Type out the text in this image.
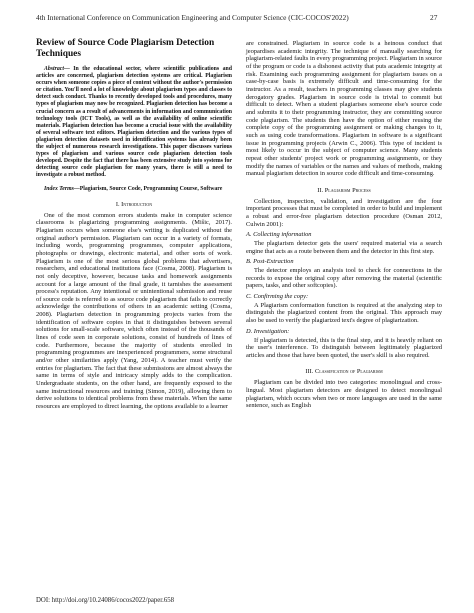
4th International Conference on Communication Engineering and Computer Science (CIC-COCOS'2022)	27
Review of Source Code Plagiarism Detection Techniques

Abstract— In the educational sector, where scientific publications and articles are concerned, plagiarism detection systems are critical. Plagiarism occurs when someone copies a piece of content without the author's permission or citation. You'll need a lot of knowledge about plagiarism types and classes to detect such conduct. Thanks to recently developed tools and procedures, many types of plagiarism may now be recognized. Plagiarism detection has become a crucial concern as a result of advancements in information and communication technology tools (ICT Tools), as well as the availability of online scientific materials. Plagiarism detection has become a crucial issue with the availability of several software text editors. Plagiarism detection and the various types of plagiarism detection datasets used in identification systems has already been the subject of numerous research investigations. This paper discusses various types of plagiarism and various source code plagiarism detection tools developed. Despite the fact that there has been extensive study into systems for detecting source code plagiarism for many years, there is still a need to investigate a robust method.

Index Terms—Plagiarism, Source Code, Programming Course, Software

I. Introduction

One of the most common errors students make in computer science classrooms is plagiarizing programming assignments. (Mišic, 2017). Plagiarism occurs when someone else's writing is duplicated without the original author's permission. Plagiarism can occur in a variety of formats, including words, programming programmes, computer applications, photographs or drawings, electronic material, and other sorts of work. Plagiarism is one of the most serious global problems that advertisers, researchers, and educational institutions face (Cosma, 2008). Plagiarism is not only deceptive, however, because tasks and homework assignments account for a large amount of the final grade, it tarnishes the assessment process's reputation. Any intentional or unintentional submission and reuse of source code is referred to as source code plagiarism that fails to correctly acknowledge the contributions of others in an academic setting (Cosma, 2008). Plagiarism detection in programming projects varies from the identification of software copies in that it distinguishes between several solutions for small-scale software, which often instead of the thousands of lines of code seen in corporate solutions, consist of hundreds of lines of code. Furthermore, because the majority of students enrolled in programming programmes are inexperienced programmers, some structural and/or other similarities apply (Yang, 2014). A teacher must verify the entries for plagiarism. The fact that these submissions are almost always the same in terms of style and intricacy simply adds to the complication. Undergraduate students, on the other hand, are frequently exposed to the same instructional resources and training (Simon, 2019), allowing them to derive solutions to identical problems from these materials. When the same resources are employed to direct learning, the options available to a learner

are constrained. Plagiarism in source code is a heinous conduct that jeopardises academic integrity. The technique of manually searching for plagiarism-related faults in every programming project. Plagiarism in source of the program or code is a dishonest activity that puts academic integrity at risk. Examining each programming assignment for plagiarism issues on a case-by-case basis is extremely difficult and time-consuming for the instructor. As a result, teachers in programming classes may give students derogatory grades. Plagiarism in source code is trivial to commit but difficult to detect. When a student plagiarises someone else's source code and submits it to their programming instructor, they are committing source code plagiarism. The students then have the option of either reusing the complete copy of the programming assignment or making changes to it, such as using code transformations. Plagiarism in software is a significant issue in programming projects (Arwin C., 2006). This type of incident is most likely to occur in the subject of computer science. Many students repeat other students' project work or programming assignments, or they modify the names of variables or the names and values of methods, making manual plagiarism detection in source code difficult and time-consuming.

II. Plagiarism Process

Collection, inspection, validation, and investigation are the four important processes that must be completed in order to build and implement a robust and error-free plagiarism detection procedure (Osman 2012, Culwin 2001):

A. Collecting information

The plagiarism detector gets the users' required material via a search engine that acts as a route between them and the detector in this first step.

B. Post-Extraction

The detector employs an analysis tool to check for connections in the records to expose the original copy after removing the material (scientific papers, tasks, and other softcopies).

C. Confirming the copy:

A Plagiarism conformation function is required at the analyzing step to distinguish the plagiarized content from the original. This approach may also be used to verify the plagiarized text's degree of plagiarization.

D. Investigation:

If plagiarism is detected, this is the final step, and it is heavily reliant on the user's interference. To distinguish between legitimately plagiarized articles and those that have been quoted, the user's skill is also required.

III. Classification of Plagiarism

Plagiarism can be divided into two categories: monolingual and cross-lingual. Most plagiarism detectors are designed to detect monolingual plagiarism, which occurs when two or more languages are used in the same sentence, such as English

DOI: http://doi.org/10.24086/cocos2022/paper.658
